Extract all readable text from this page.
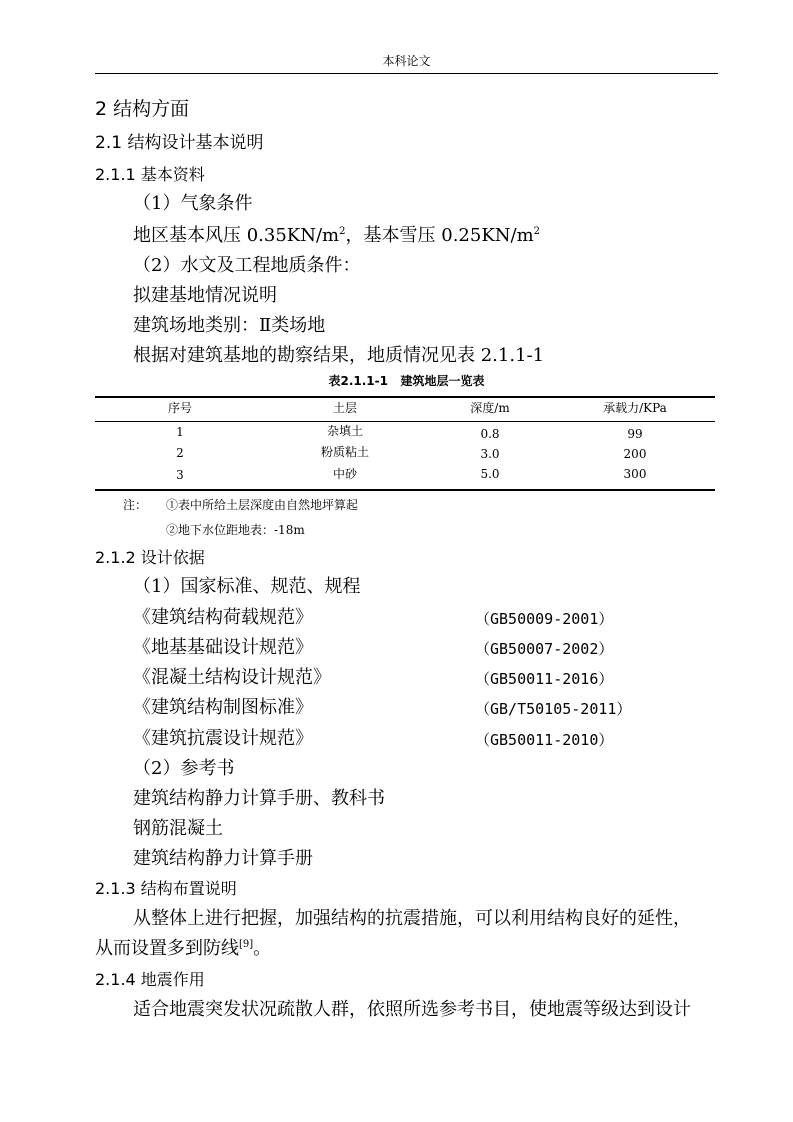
本科论文
2 结构方面
2.1 结构设计基本说明
2.1.1 基本资料
（1）气象条件
地区基本风压 $0.35KN/m^2$，基本雪压 $0.25KN/m^2$
（2）水文及工程地质条件：
拟建基地情况说明
建筑场地类别：Ⅱ类场地
根据对建筑基地的勘察结果，地质情况见表 2.1.1-1
表2.1.1-1   建筑地层一览表
序号	土层	深度/m	承载力/KPa
1	杂填土	0.8	99
2	粉质粘土	3.0	200
3	中砂	5.0	300
注： ①表中所给土层深度由自然地坪算起
②地下水位距地表：-18m
2.1.2 设计依据
（1）国家标准、规范、规程
《建筑结构荷载规范》	（GB50009-2001）
《地基基础设计规范》	（GB50007-2002）
《混凝土结构设计规范》	（GB50011-2016）
《建筑结构制图标准》	（GB/T50105-2011）
《建筑抗震设计规范》	（GB50011-2010）
（2）参考书
建筑结构静力计算手册、教科书
钢筋混凝土
建筑结构静力计算手册
2.1.3 结构布置说明
从整体上进行把握，加强结构的抗震措施，可以利用结构良好的延性，
从而设置多到防线[9]。
2.1.4 地震作用
适合地震突发状况疏散人群，依照所选参考书目，使地震等级达到设计
